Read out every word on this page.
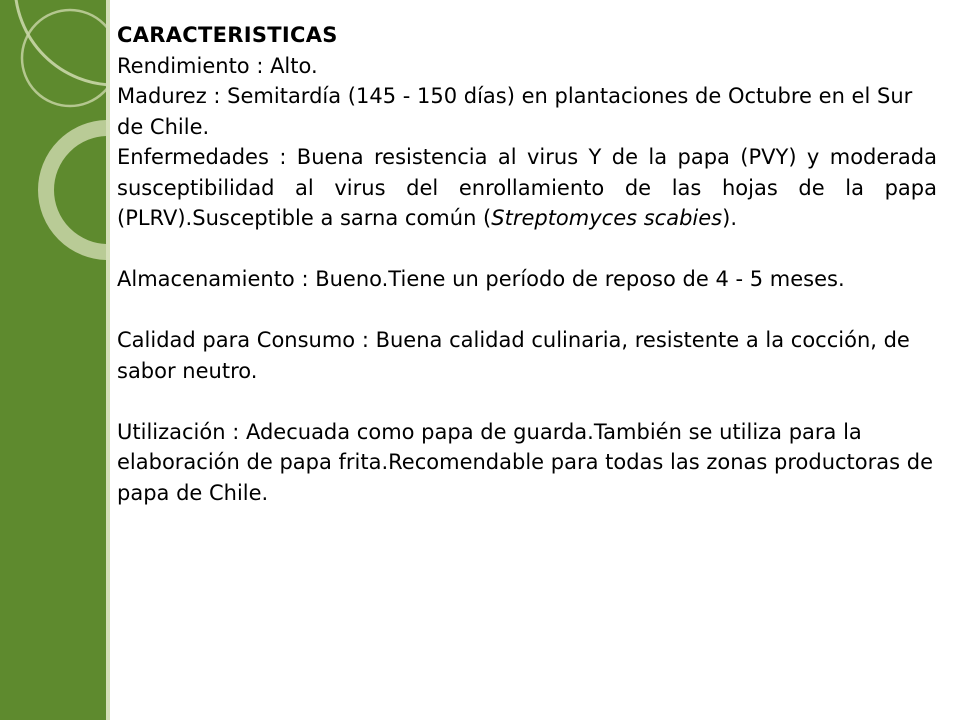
CARACTERISTICAS

Rendimiento : Alto.

Madurez : Semitardía (145 - 150 días) en plantaciones de Octubre en el Sur de Chile.

Enfermedades : Buena resistencia al virus Y de la papa (PVY) y moderada susceptibilidad al virus del enrollamiento de las hojas de la papa (PLRV).Susceptible a sarna común (Streptomyces scabies).

Almacenamiento : Bueno.Tiene un período de reposo de 4 - 5 meses.

Calidad para Consumo : Buena calidad culinaria, resistente a la cocción, de sabor neutro.

Utilización : Adecuada como papa de guarda.También se utiliza para la elaboración de papa frita.Recomendable para todas las zonas productoras de papa de Chile.
